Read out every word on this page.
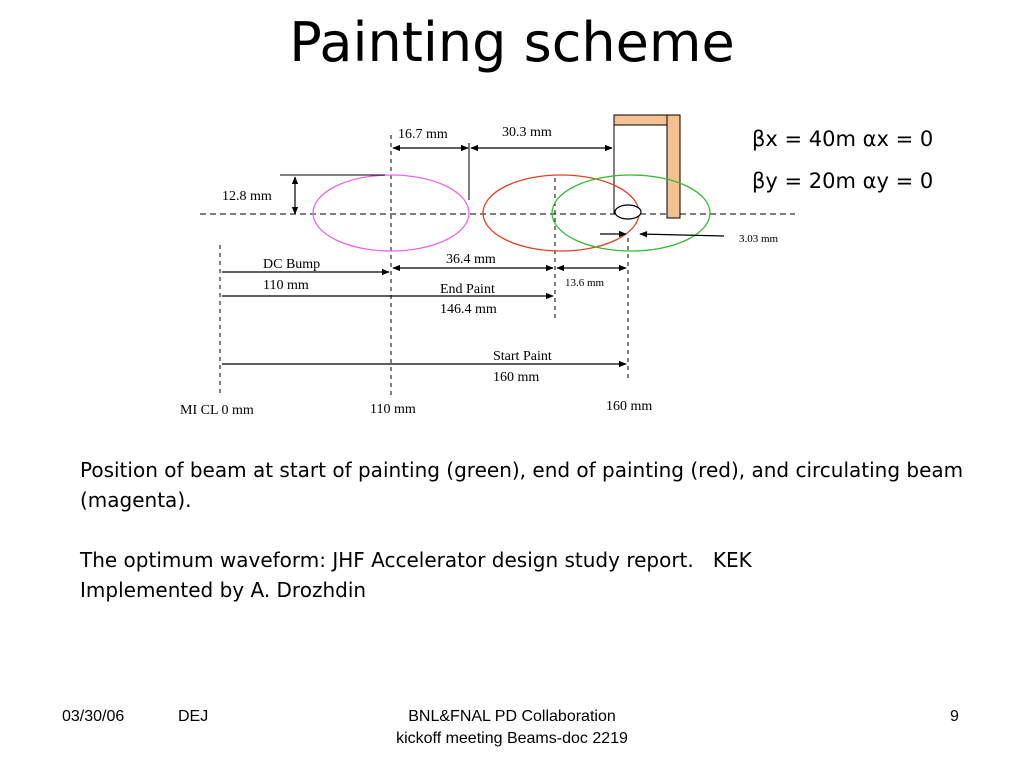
Painting scheme
βx = 40m αx = 0
βy = 20m αy = 0
12.8 mm
16.7 mm	30.3 mm
3.03 mm
36.4 mm
13.6 mm
DC Bump
110 mm	End Paint
146.4 mm
Start Paint
160 mm
MI CL 0 mm	110 mm	160 mm

Position of beam at start of painting (green), end of painting (red), and circulating beam (magenta).

The optimum waveform: JHF Accelerator design study report.   KEK
Implemented by A. Drozhdin

03/30/06	DEJ	BNL&FNAL PD Collaboration
kickoff meeting Beams-doc 2219
9
